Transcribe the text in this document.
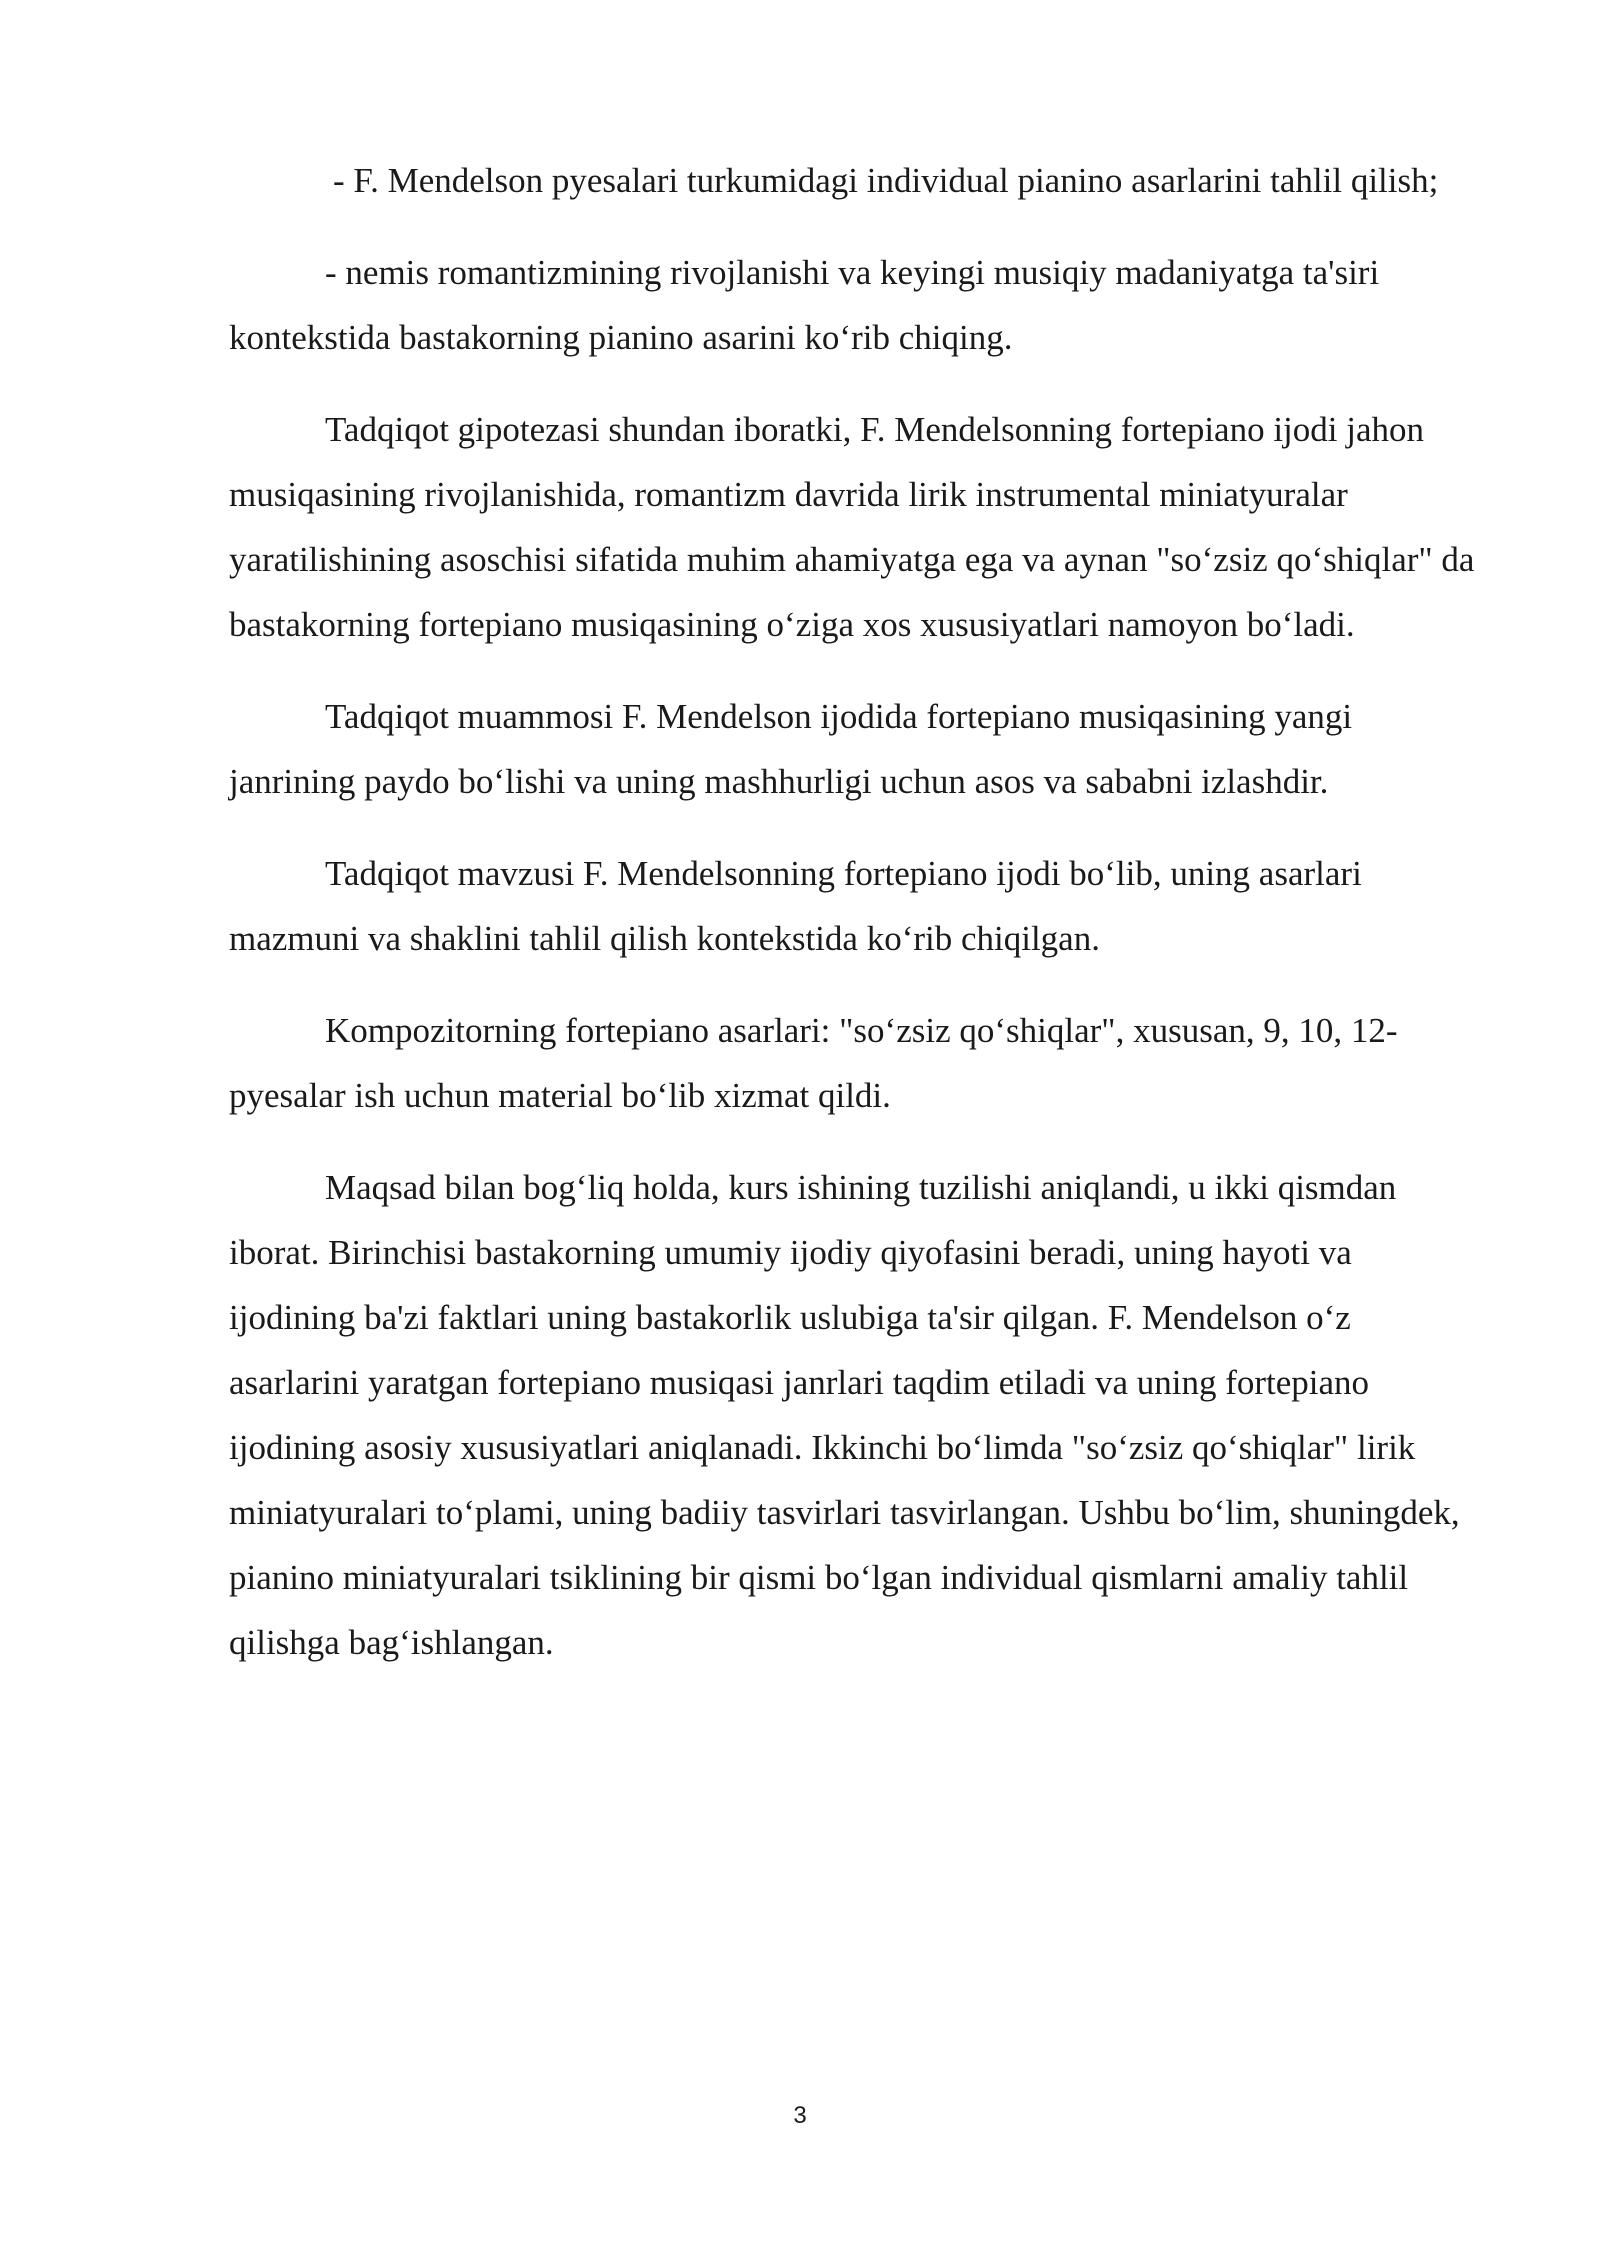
- F. Mendelson pyesalari turkumidagi individual pianino asarlarini tahlil qilish;

- nemis romantizmining rivojlanishi va keyingi musiqiy madaniyatga ta'siri kontekstida bastakorning pianino asarini ko‘rib chiqing.

Tadqiqot gipotezasi shundan iboratki, F. Mendelsonning fortepiano ijodi jahon musiqasining rivojlanishida, romantizm davrida lirik instrumental miniatyuralar yaratilishining asoschisi sifatida muhim ahamiyatga ega va aynan "so‘zsiz qo‘shiqlar" da bastakorning fortepiano musiqasining o‘ziga xos xususiyatlari namoyon bo‘ladi.

Tadqiqot muammosi F. Mendelson ijodida fortepiano musiqasining yangi janrining paydo bo‘lishi va uning mashhurligi uchun asos va sababni izlashdir.

Tadqiqot mavzusi F. Mendelsonning fortepiano ijodi bo‘lib, uning asarlari mazmuni va shaklini tahlil qilish kontekstida ko‘rib chiqilgan.

Kompozitorning fortepiano asarlari: "so‘zsiz qo‘shiqlar", xususan, 9, 10, 12-pyesalar ish uchun material bo‘lib xizmat qildi.

Maqsad bilan bog‘liq holda, kurs ishining tuzilishi aniqlandi, u ikki qismdan iborat. Birinchisi bastakorning umumiy ijodiy qiyofasini beradi, uning hayoti va ijodining ba'zi faktlari uning bastakorlik uslubiga ta'sir qilgan. F. Mendelson o‘z asarlarini yaratgan fortepiano musiqasi janrlari taqdim etiladi va uning fortepiano ijodining asosiy xususiyatlari aniqlanadi. Ikkinchi bo‘limda "so‘zsiz qo‘shiqlar" lirik miniatyuralari to‘plami, uning badiiy tasvirlari tasvirlangan. Ushbu bo‘lim, shuningdek, pianino miniatyuralari tsiklining bir qismi bo‘lgan individual qismlarni amaliy tahlil qilishga bag‘ishlangan.

3
